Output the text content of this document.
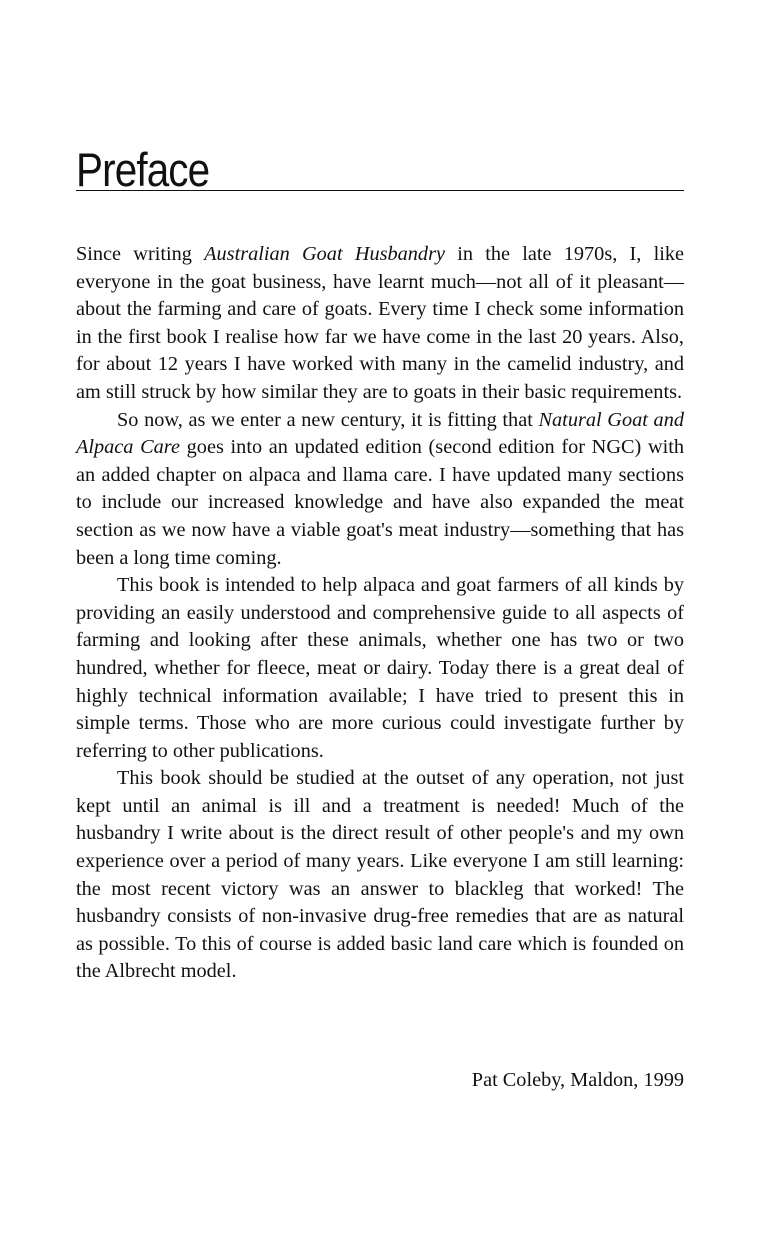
Preface

Since writing Australian Goat Husbandry in the late 1970s, I, like everyone in the goat business, have learnt much—not all of it pleasant—about the farming and care of goats. Every time I check some information in the first book I realise how far we have come in the last 20 years. Also, for about 12 years I have worked with many in the camelid industry, and am still struck by how similar they are to goats in their basic requirements.

So now, as we enter a new century, it is fitting that Natural Goat and Alpaca Care goes into an updated edition (second edition for NGC) with an added chapter on alpaca and llama care. I have updated many sections to include our increased knowledge and have also expanded the meat section as we now have a viable goat's meat industry—something that has been a long time coming.

This book is intended to help alpaca and goat farmers of all kinds by providing an easily understood and comprehensive guide to all aspects of farming and looking after these animals, whether one has two or two hundred, whether for fleece, meat or dairy. Today there is a great deal of highly technical information available; I have tried to present this in simple terms. Those who are more curious could investigate further by referring to other publications.

This book should be studied at the outset of any operation, not just kept until an animal is ill and a treatment is needed! Much of the husbandry I write about is the direct result of other people's and my own experience over a period of many years. Like everyone I am still learning: the most recent victory was an answer to blackleg that worked! The husbandry consists of non-invasive drug-free remedies that are as natural as possible. To this of course is added basic land care which is founded on the Albrecht model.

Pat Coleby, Maldon, 1999
